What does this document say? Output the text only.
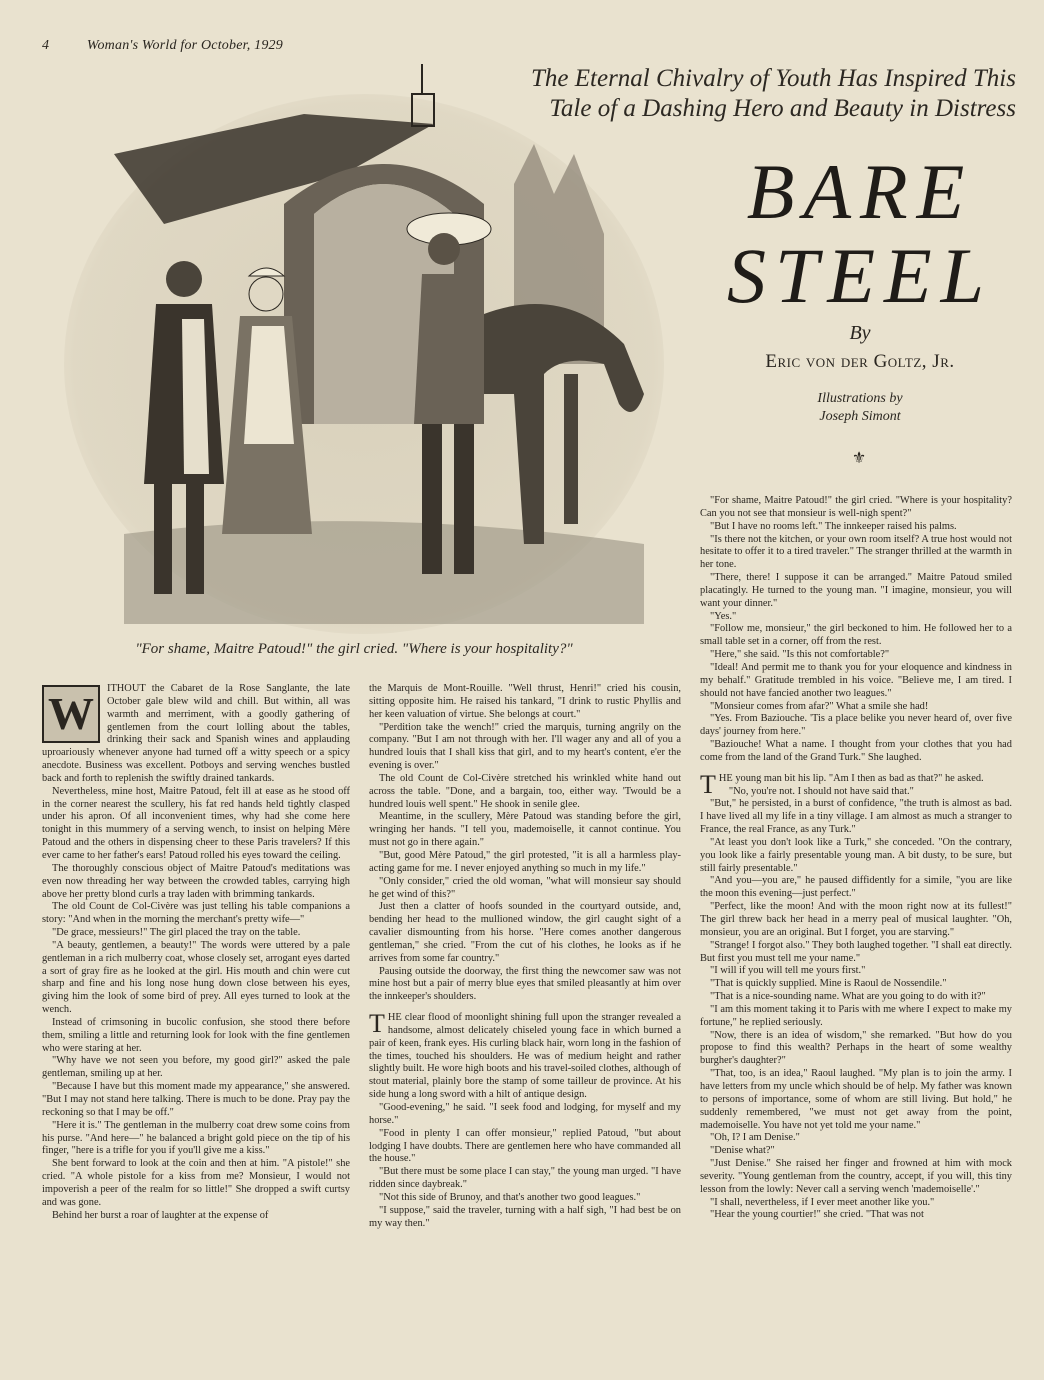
4	Woman's World for October, 1929
The Eternal Chivalry of Youth Has Inspired This
Tale of a Dashing Hero and Beauty in Distress
BARE
STEEL
By
Eric von der Goltz, Jr.
Illustrations by
Joseph Simont
⚜
"For shame, Maitre Patoud!" the girl cried. "Where is your hospitality?"
W	ITHOUT the Cabaret de la Rose Sanglante, the late October gale blew wild and chill. But within, all was warmth and merriment, with a goodly gathering of gentlemen from the court lolling about the tables, drinking their sack and Spanish wines and applauding uproariously whenever anyone had turned off a witty speech or a spicy anecdote. Business was excellent. Potboys and serving wenches bustled back and forth to replenish the swiftly drained tankards.

Nevertheless, mine host, Maitre Patoud, felt ill at ease as he stood off in the corner nearest the scullery, his fat red hands held tightly clasped under his apron. Of all inconvenient times, why had she come here tonight in this mummery of a serving wench, to insist on helping Mère Patoud and the others in dispensing cheer to these Paris travelers? If this ever came to her father's ears! Patoud rolled his eyes toward the ceiling.

The thoroughly conscious object of Maitre Patoud's meditations was even now threading her way between the crowded tables, carrying high above her pretty blond curls a tray laden with brimming tankards.

The old Count de Col-Civère was just telling his table companions a story: "And when in the morning the merchant's pretty wife—"

"De grace, messieurs!" The girl placed the tray on the table.

"A beauty, gentlemen, a beauty!" The words were uttered by a pale gentleman in a rich mulberry coat, whose closely set, arrogant eyes darted a sort of gray fire as he looked at the girl. His mouth and chin were cut sharp and fine and his long nose hung down close between his eyes, giving him the look of some bird of prey. All eyes turned to look at the wench.

Instead of crimsoning in bucolic confusion, she stood there before them, smiling a little and returning look for look with the fine gentlemen who were staring at her.

"Why have we not seen you before, my good girl?" asked the pale gentleman, smiling up at her.

"Because I have but this moment made my appearance," she answered. "But I may not stand here talking. There is much to be done. Pray pay the reckoning so that I may be off."

"Here it is." The gentleman in the mulberry coat drew some coins from his purse. "And here—" he balanced a bright gold piece on the tip of his finger, "here is a trifle for you if you'll give me a kiss."

She bent forward to look at the coin and then at him. "A pistole!" she cried. "A whole pistole for a kiss from me? Monsieur, I would not impoverish a peer of the realm for so little!" She dropped a swift curtsy and was gone.

Behind her burst a roar of laughter at the expense of

the Marquis de Mont-Rouille. "Well thrust, Henri!" cried his cousin, sitting opposite him. He raised his tankard, "I drink to rustic Phyllis and her keen valuation of virtue. She belongs at court."

"Perdition take the wench!" cried the marquis, turning angrily on the company. "But I am not through with her. I'll wager any and all of you a hundred louis that I shall kiss that girl, and to my heart's content, e'er the evening is over."

The old Count de Col-Civère stretched his wrinkled white hand out across the table. "Done, and a bargain, too, either way. 'Twould be a hundred louis well spent." He shook in senile glee.

Meantime, in the scullery, Mère Patoud was standing before the girl, wringing her hands. "I tell you, mademoiselle, it cannot continue. You must not go in there again."

"But, good Mère Patoud," the girl protested, "it is all a harmless play-acting game for me. I never enjoyed anything so much in my life."

"Only consider," cried the old woman, "what will monsieur say should he get wind of this?"

Just then a clatter of hoofs sounded in the courtyard outside, and, bending her head to the mullioned window, the girl caught sight of a cavalier dismounting from his horse. "Here comes another dangerous gentleman," she cried. "From the cut of his clothes, he looks as if he arrives from some far country."

Pausing outside the doorway, the first thing the newcomer saw was not mine host but a pair of merry blue eyes that smiled pleasantly at him over the innkeeper's shoulders.

THE clear flood of moonlight shining full upon the stranger revealed a handsome, almost delicately chiseled young face in which burned a pair of keen, frank eyes. His curling black hair, worn long in the fashion of the times, touched his shoulders. He was of medium height and rather slightly built. He wore high boots and his travel-soiled clothes, although of stout material, plainly bore the stamp of some tailleur de province. At his side hung a long sword with a hilt of antique design.

"Good-evening," he said. "I seek food and lodging, for myself and my horse."

"Food in plenty I can offer monsieur," replied Patoud, "but about lodging I have doubts. There are gentlemen here who have commanded all the house."

"But there must be some place I can stay," the young man urged. "I have ridden since daybreak."

"Not this side of Brunoy, and that's another two good leagues."

"I suppose," said the traveler, turning with a half sigh, "I had best be on my way then."

"For shame, Maitre Patoud!" the girl cried. "Where is your hospitality? Can you not see that monsieur is well-nigh spent?"

"But I have no rooms left." The innkeeper raised his palms.

"Is there not the kitchen, or your own room itself? A true host would not hesitate to offer it to a tired traveler." The stranger thrilled at the warmth in her tone.

"There, there! I suppose it can be arranged." Maitre Patoud smiled placatingly. He turned to the young man. "I imagine, monsieur, you will want your dinner."

"Yes."

"Follow me, monsieur," the girl beckoned to him. He followed her to a small table set in a corner, off from the rest.

"Here," she said. "Is this not comfortable?"

"Ideal! And permit me to thank you for your eloquence and kindness in my behalf." Gratitude trembled in his voice. "Believe me, I am tired. I should not have fancied another two leagues."

"Monsieur comes from afar?" What a smile she had!

"Yes. From Baziouche. 'Tis a place belike you never heard of, over five days' journey from here."

"Baziouche! What a name. I thought from your clothes that you had come from the land of the Grand Turk." She laughed.

THE young man bit his lip. "Am I then as bad as that?" he asked.

"No, you're not. I should not have said that."

"But," he persisted, in a burst of confidence, "the truth is almost as bad. I have lived all my life in a tiny village. I am almost as much a stranger to France, the real France, as any Turk."

"At least you don't look like a Turk," she conceded. "On the contrary, you look like a fairly presentable young man. A bit dusty, to be sure, but still fairly presentable."

"And you—you are," he paused diffidently for a simile, "you are like the moon this evening—just perfect."

"Perfect, like the moon! And with the moon right now at its fullest!" The girl threw back her head in a merry peal of musical laughter. "Oh, monsieur, you are an original. But I forget, you are starving."

"Strange! I forgot also." They both laughed together. "I shall eat directly. But first you must tell me your name."

"I will if you will tell me yours first."

"That is quickly supplied. Mine is Raoul de Nossendile."

"That is a nice-sounding name. What are you going to do with it?"

"I am this moment taking it to Paris with me where I expect to make my fortune," he replied seriously.

"Now, there is an idea of wisdom," she remarked. "But how do you propose to find this wealth? Perhaps in the heart of some wealthy burgher's daughter?"

"That, too, is an idea," Raoul laughed. "My plan is to join the army. I have letters from my uncle which should be of help. My father was known to persons of importance, some of whom are still living. But hold," he suddenly remembered, "we must not get away from the point, mademoiselle. You have not yet told me your name."

"Oh, I? I am Denise."

"Denise what?"

"Just Denise." She raised her finger and frowned at him with mock severity. "Young gentleman from the country, accept, if you will, this tiny lesson from the lowly: Never call a serving wench 'mademoiselle'."

"I shall, nevertheless, if I ever meet another like you."

"Hear the young courtier!" she cried. "That was not
